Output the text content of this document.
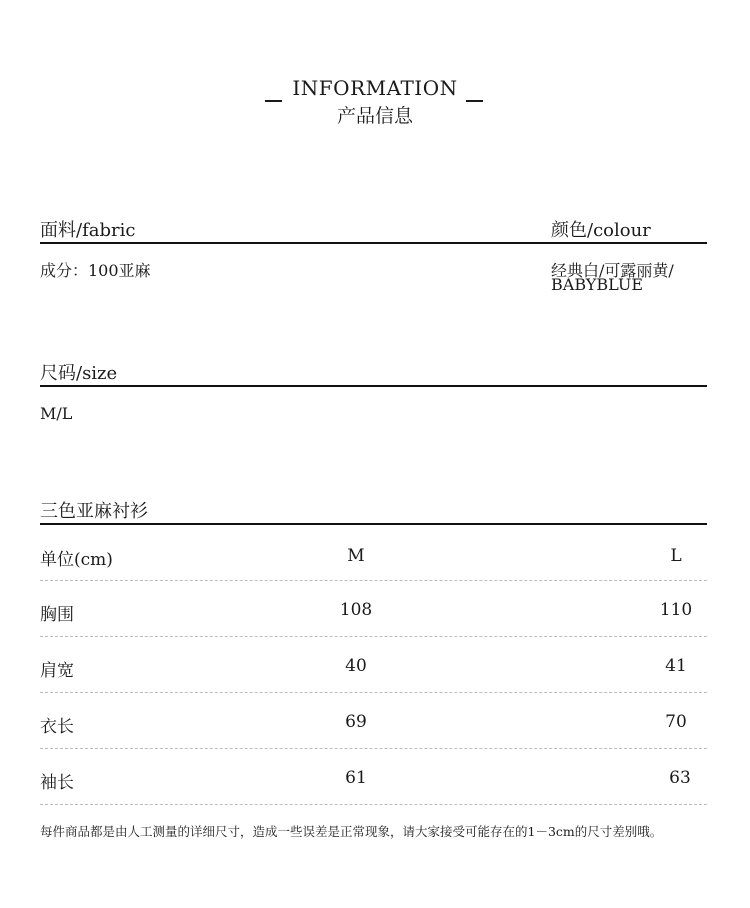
INFORMATION
产品信息
面料/fabric	颜色/colour
成分：100亚麻	经典白/可露丽黄/
BABYBLUE
尺码/size
M/L
三色亚麻衬衫
单位(cm)	M	L
胸围	108	110
肩宽	40	41
衣长	69	70
袖长	61	63
每件商品都是由人工测量的详细尺寸，造成一些误差是正常现象，请大家接受可能存在的1－3cm的尺寸差别哦。
